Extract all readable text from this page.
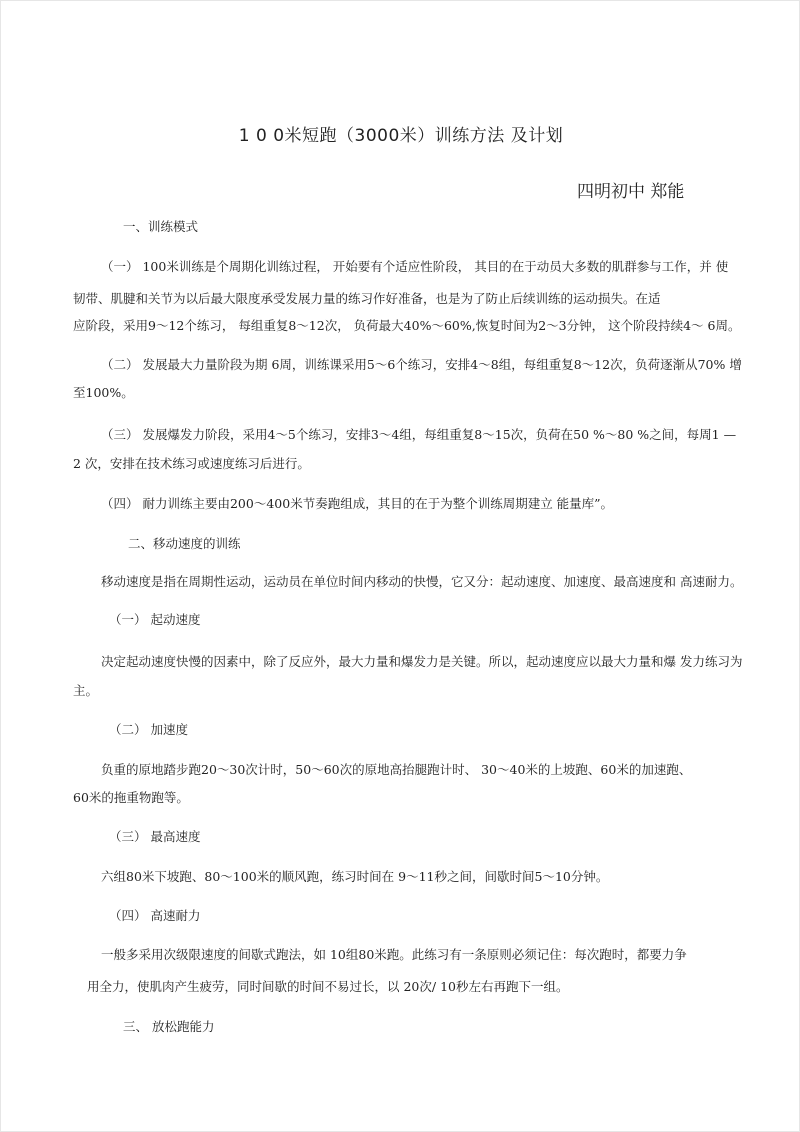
1 0 0米短跑（3000米）训练方法 及计划
四明初中 郑能
一、训练模式
（一） 100米训练是个周期化训练过程， 开始要有个适应性阶段， 其目的在于动员大多数的肌群参与工作，并 使
韧带、肌腱和关节为以后最大限度承受发展力量的练习作好准备，也是为了防止后续训练的运动损失。在适
应阶段，采用9～12个练习， 每组重复8～12次， 负荷最大40%～60%,恢复时间为2～3分钟， 这个阶段持续4～ 6周。
（二） 发展最大力量阶段为期 6周，训练课采用5～6个练习，安排4～8组，每组重复8～12次，负荷逐渐从70% 增
至100%。
（三） 发展爆发力阶段，采用4～5个练习，安排3～4组，每组重复8～15次，负荷在50 %～80 %之间，每周1 —
2 次，安排在技术练习或速度练习后进行。
（四） 耐力训练主要由200～400米节奏跑组成，其目的在于为整个训练周期建立 能量库”。
二、移动速度的训练
移动速度是指在周期性运动，运动员在单位时间内移动的快慢，它又分：起动速度、加速度、最高速度和 高速耐力。
（一） 起动速度
决定起动速度快慢的因素中，除了反应外，最大力量和爆发力是关键。所以，起动速度应以最大力量和爆 发力练习为
主。
（二） 加速度
负重的原地踏步跑20～30次计时，50～60次的原地高抬腿跑计时、 30～40米的上坡跑、60米的加速跑、
60米的拖重物跑等。
（三） 最高速度
六组80米下坡跑、80～100米的顺风跑，练习时间在 9～11秒之间，间歇时间5～10分钟。
（四） 高速耐力
一般多采用次级限速度的间歇式跑法，如 10组80米跑。此练习有一条原则必须记住：每次跑时，都要力争
用全力，使肌肉产生疲劳，同时间歇的时间不易过长，以 20次/ 10秒左右再跑下一组。
三、 放松跑能力
